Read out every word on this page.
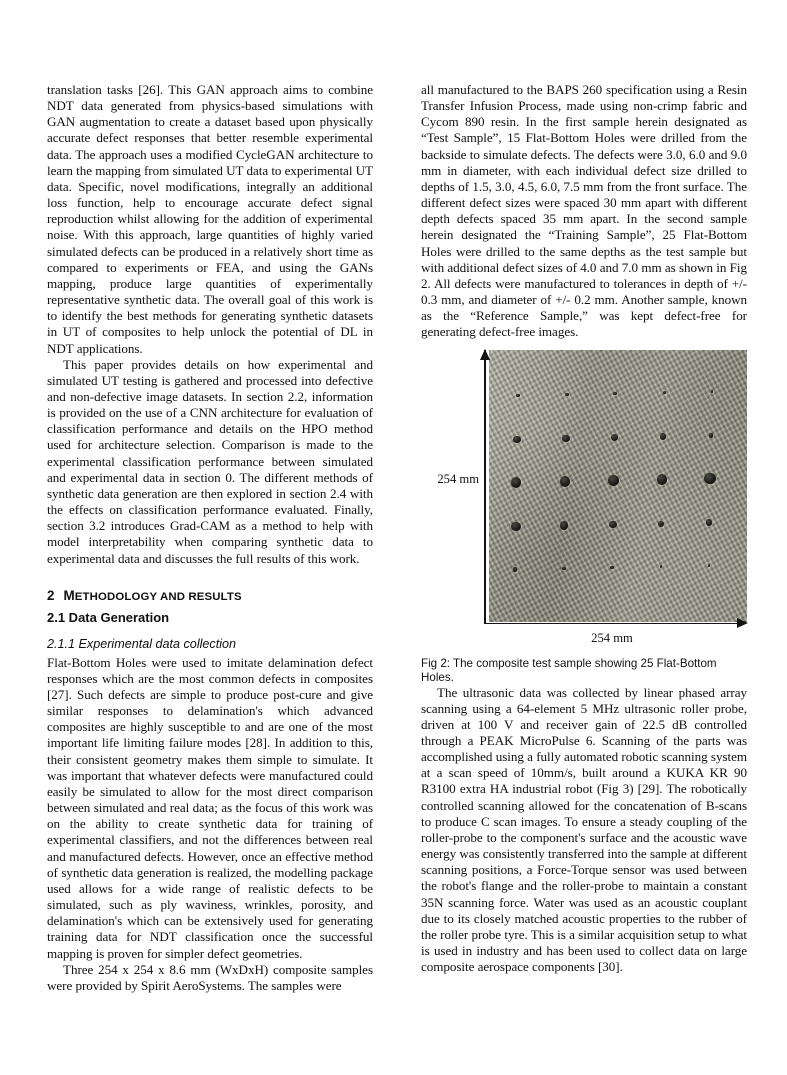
translation tasks [26]. This GAN approach aims to combine NDT data generated from physics-based simulations with GAN augmentation to create a dataset based upon physically accurate defect responses that better resemble experimental data. The approach uses a modified CycleGAN architecture to learn the mapping from simulated UT data to experimental UT data. Specific, novel modifications, integrally an additional loss function, help to encourage accurate defect signal reproduction whilst allowing for the addition of experimental noise. With this approach, large quantities of highly varied simulated defects can be produced in a relatively short time as compared to experiments or FEA, and using the GANs mapping, produce large quantities of experimentally representative synthetic data. The overall goal of this work is to identify the best methods for generating synthetic datasets in UT of composites to help unlock the potential of DL in NDT applications.

This paper provides details on how experimental and simulated UT testing is gathered and processed into defective and non-defective image datasets. In section 2.2, information is provided on the use of a CNN architecture for evaluation of classification performance and details on the HPO method used for architecture selection. Comparison is made to the experimental classification performance between simulated and experimental data in section 0. The different methods of synthetic data generation are then explored in section 2.4 with the effects on classification performance evaluated. Finally, section 3.2 introduces Grad-CAM as a method to help with model interpretability when comparing synthetic data to experimental data and discusses the full results of this work.

2 METHODOLOGY AND RESULTS
2.1 Data Generation
2.1.1 Experimental data collection

Flat-Bottom Holes were used to imitate delamination defect responses which are the most common defects in composites [27]. Such defects are simple to produce post-cure and give similar responses to delamination's which advanced composites are highly susceptible to and are one of the most important life limiting failure modes [28]. In addition to this, their consistent geometry makes them simple to simulate. It was important that whatever defects were manufactured could easily be simulated to allow for the most direct comparison between simulated and real data; as the focus of this work was on the ability to create synthetic data for training of experimental classifiers, and not the differences between real and manufactured defects. However, once an effective method of synthetic data generation is realized, the modelling package used allows for a wide range of realistic defects to be simulated, such as ply waviness, wrinkles, porosity, and delamination's which can be extensively used for generating training data for NDT classification once the successful mapping is proven for simpler defect geometries.

Three 254 x 254 x 8.6 mm (WxDxH) composite samples were provided by Spirit AeroSystems. The samples were

all manufactured to the BAPS 260 specification using a Resin Transfer Infusion Process, made using non-crimp fabric and Cycom 890 resin. In the first sample herein designated as “Test Sample”, 15 Flat-Bottom Holes were drilled from the backside to simulate defects. The defects were 3.0, 6.0 and 9.0 mm in diameter, with each individual defect size drilled to depths of 1.5, 3.0, 4.5, 6.0, 7.5 mm from the front surface. The different defect sizes were spaced 30 mm apart with different depth defects spaced 35 mm apart. In the second sample herein designated the “Training Sample”, 25 Flat-Bottom Holes were drilled to the same depths as the test sample but with additional defect sizes of 4.0 and 7.0 mm as shown in Fig 2. All defects were manufactured to tolerances in depth of +/- 0.3 mm, and diameter of +/- 0.2 mm. Another sample, known as the “Reference Sample,” was kept defect-free for generating defect-free images.

254 mm
254 mm
Fig 2: The composite test sample showing 25 Flat-Bottom Holes.

The ultrasonic data was collected by linear phased array scanning using a 64-element 5 MHz ultrasonic roller probe, driven at 100 V and receiver gain of 22.5 dB controlled through a PEAK MicroPulse 6. Scanning of the parts was accomplished using a fully automated robotic scanning system at a scan speed of 10mm/s, built around a KUKA KR 90 R3100 extra HA industrial robot (Fig 3) [29]. The robotically controlled scanning allowed for the concatenation of B-scans to produce C scan images. To ensure a steady coupling of the roller-probe to the component's surface and the acoustic wave energy was consistently transferred into the sample at different scanning positions, a Force-Torque sensor was used between the robot's flange and the roller-probe to maintain a constant 35N scanning force. Water was used as an acoustic couplant due to its closely matched acoustic properties to the rubber of the roller probe tyre. This is a similar acquisition setup to what is used in industry and has been used to collect data on large composite aerospace components [30].
